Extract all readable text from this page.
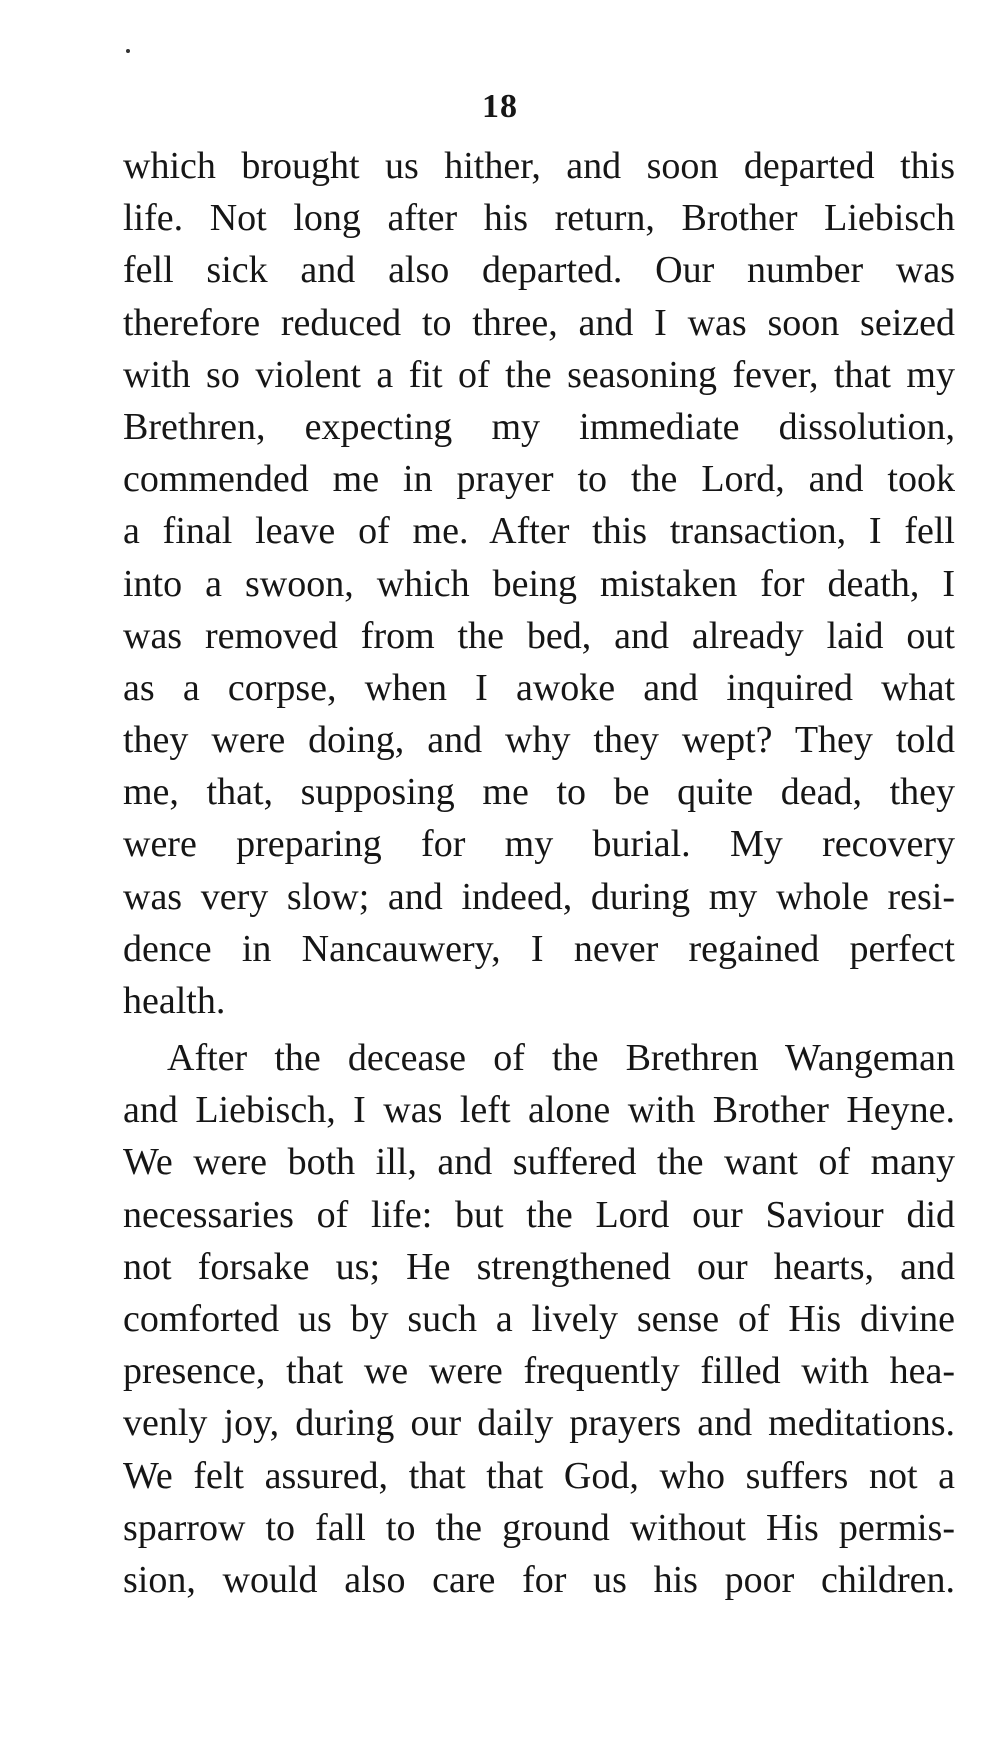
18
which brought us hither, and soon departed this
life. Not long after his return, Brother Liebisch
fell sick and also departed. Our number was
therefore reduced to three, and I was soon seized
with so violent a fit of the seasoning fever, that my
Brethren, expecting my immediate dissolution,
commended me in prayer to the Lord, and took
a final leave of me. After this transaction, I fell
into a swoon, which being mistaken for death, I
was removed from the bed, and already laid out
as a corpse, when I awoke and inquired what
they were doing, and why they wept? They told
me, that, supposing me to be quite dead, they
were preparing for my burial. My recovery
was very slow; and indeed, during my whole resi-
dence in Nancauwery, I never regained perfect
health.
After the decease of the Brethren Wangeman
and Liebisch, I was left alone with Brother Heyne.
We were both ill, and suffered the want of many
necessaries of life: but the Lord our Saviour did
not forsake us; He strengthened our hearts, and
comforted us by such a lively sense of His divine
presence, that we were frequently filled with hea-
venly joy, during our daily prayers and meditations.
We felt assured, that that God, who suffers not a
sparrow to fall to the ground without His permis-
sion, would also care for us his poor children.
